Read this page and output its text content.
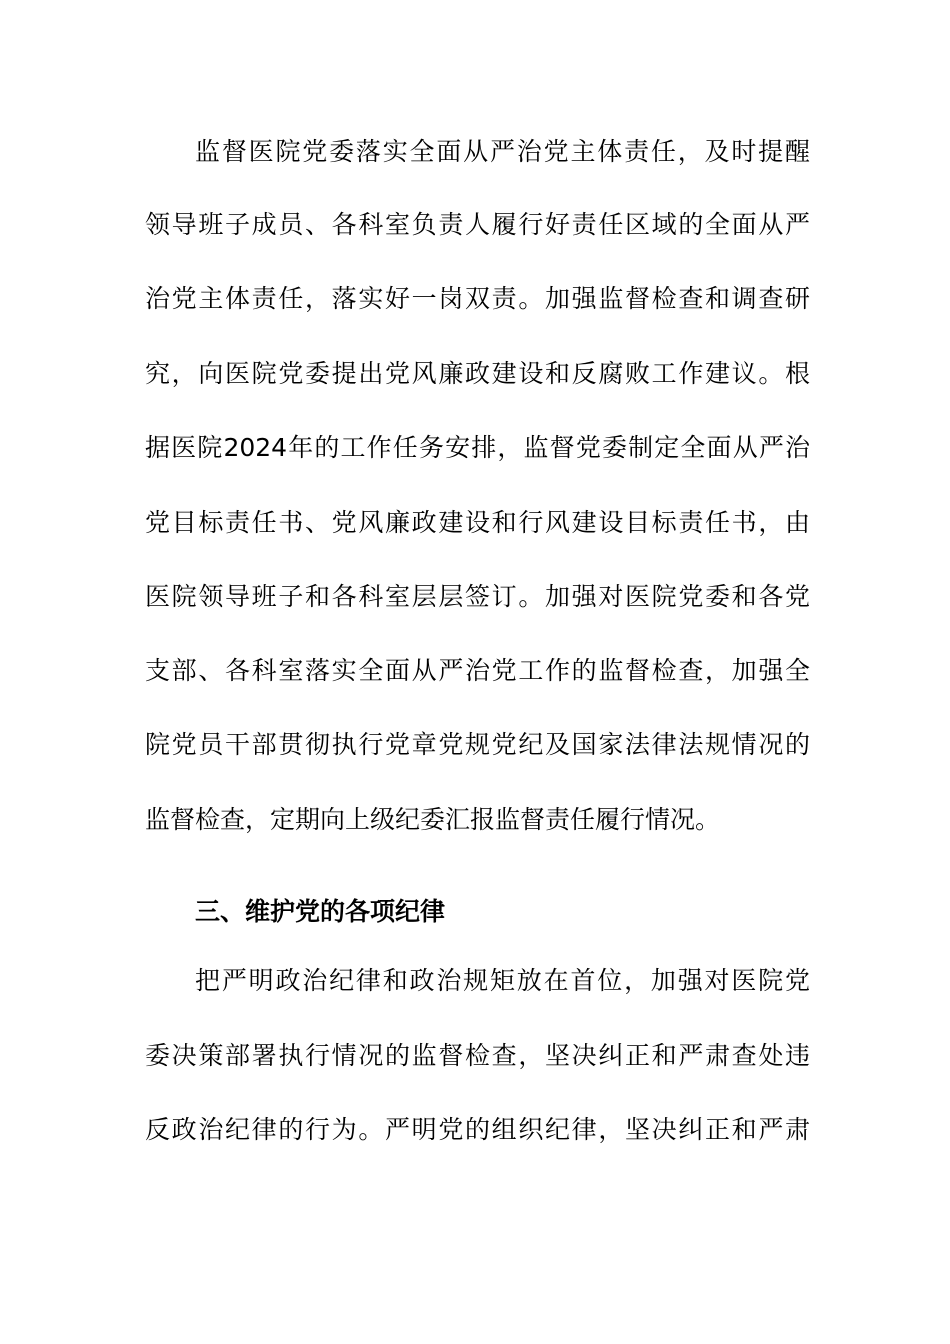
监督医院党委落实全面从严治党主体责任，及时提醒
领导班子成员、各科室负责人履行好责任区域的全面从严
治党主体责任，落实好一岗双责。加强监督检查和调查研
究，向医院党委提出党风廉政建设和反腐败工作建议。根
据医院2024年的工作任务安排，监督党委制定全面从严治
党目标责任书、党风廉政建设和行风建设目标责任书，由
医院领导班子和各科室层层签订。加强对医院党委和各党
支部、各科室落实全面从严治党工作的监督检查，加强全
院党员干部贯彻执行党章党规党纪及国家法律法规情况的
监督检查，定期向上级纪委汇报监督责任履行情况。
三、维护党的各项纪律
把严明政治纪律和政治规矩放在首位，加强对医院党
委决策部署执行情况的监督检查，坚决纠正和严肃查处违
反政治纪律的行为。严明党的组织纪律，坚决纠正和严肃
